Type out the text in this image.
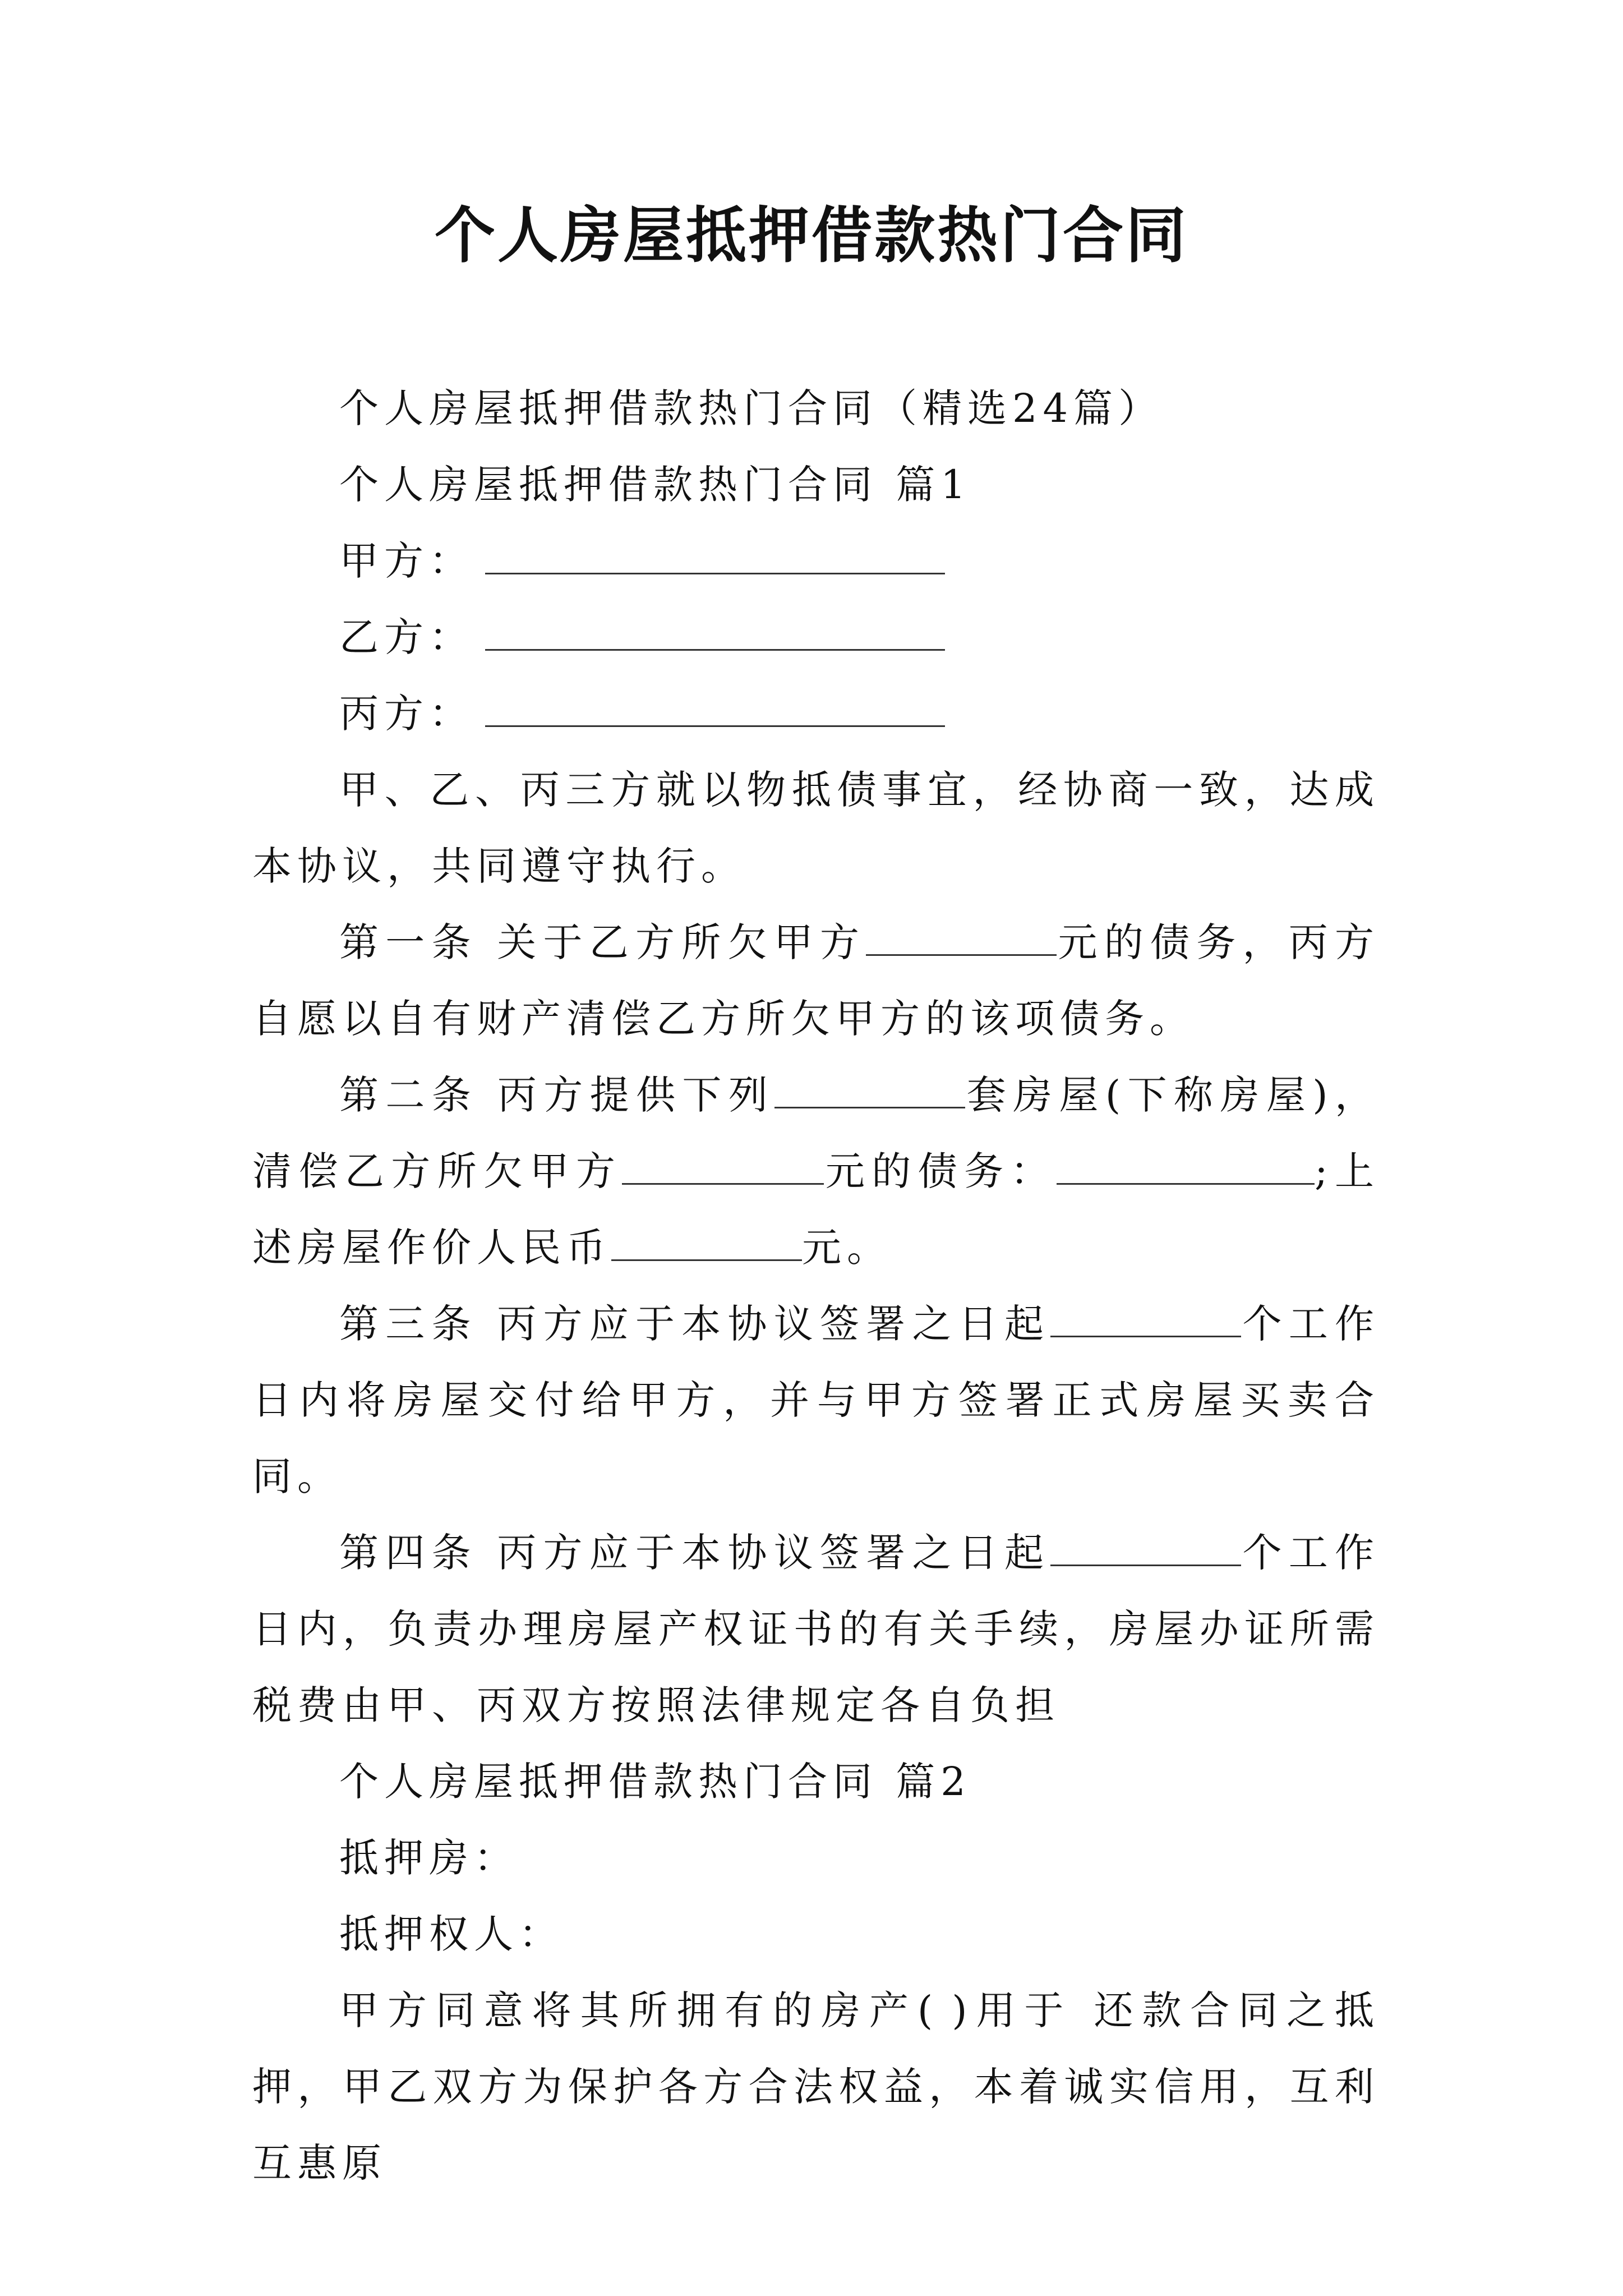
个人房屋抵押借款热门合同

个人房屋抵押借款热门合同（精选24篇）

个人房屋抵押借款热门合同 篇1

甲方：

乙方：

丙方：

甲、乙、丙三方就以物抵债事宜，经协商一致，达成本协议，共同遵守执行。

第一条 关于乙方所欠甲方	元的债务，丙方自愿以自有财产清偿乙方所欠甲方的该项债务。

第二条 丙方提供下列	套房屋(下称房屋)，清偿乙方所欠甲方	元的债务：	;上述房屋作价人民币	元。

第三条 丙方应于本协议签署之日起	个工作日内将房屋交付给甲方，并与甲方签署正式房屋买卖合同。

第四条 丙方应于本协议签署之日起	个工作日内，负责办理房屋产权证书的有关手续，房屋办证所需税费由甲、丙双方按照法律规定各自负担

个人房屋抵押借款热门合同 篇2

抵押房：

抵押权人：

甲方同意将其所拥有的房产( )用于 还款合同之抵押，甲乙双方为保护各方合法权益，本着诚实信用，互利互惠原
